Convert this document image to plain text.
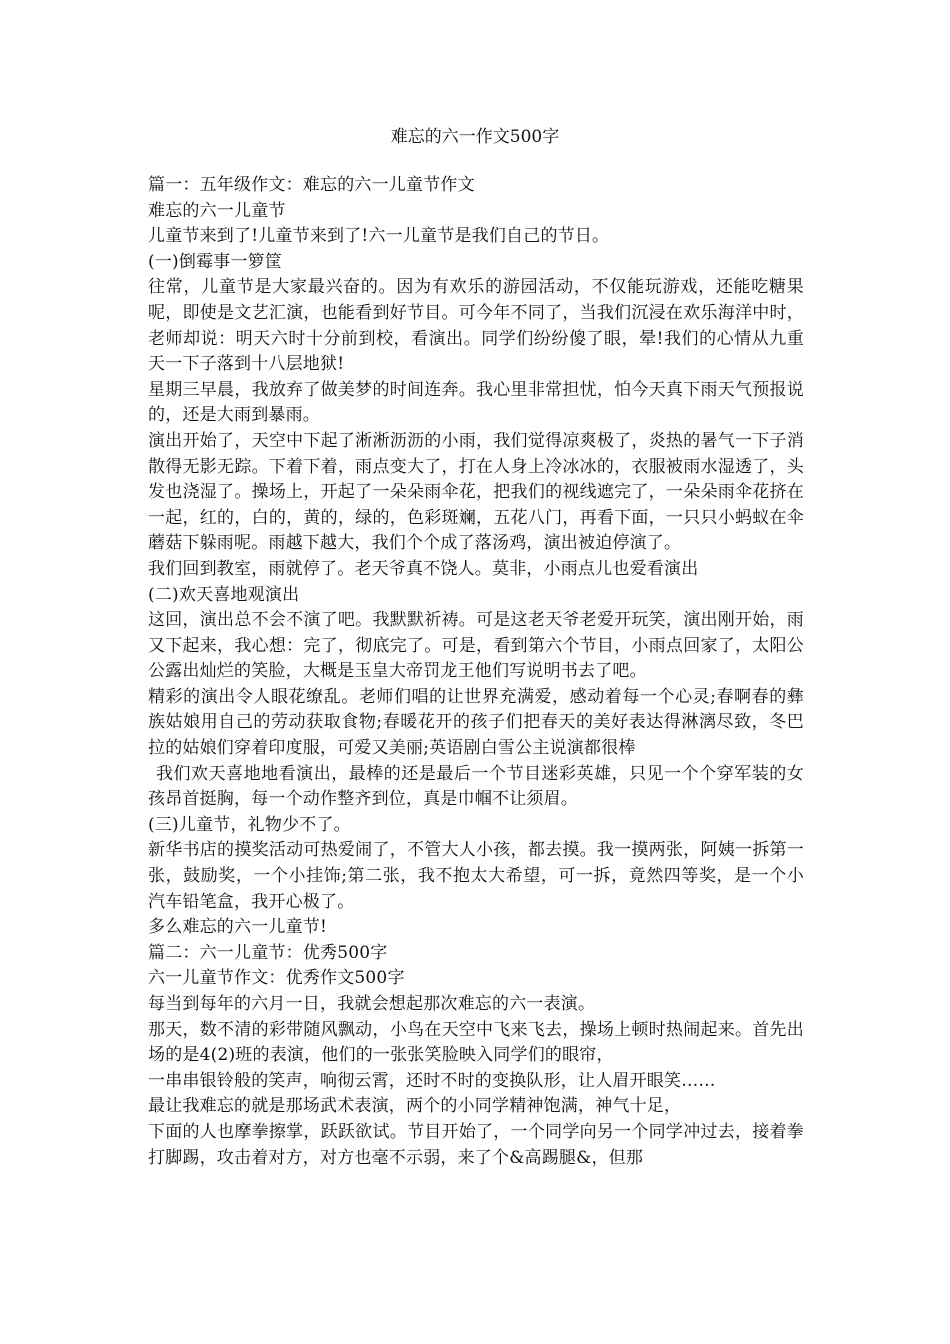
难忘的六一作文500字

篇一：五年级作文：难忘的六一儿童节作文

难忘的六一儿童节

儿童节来到了!儿童节来到了!六一儿童节是我们自己的节日。

(一)倒霉事一箩筐

往常，儿童节是大家最兴奋的。因为有欢乐的游园活动，不仅能玩游戏，还能吃糖果呢，即使是文艺汇演，也能看到好节目。可今年不同了，当我们沉浸在欢乐海洋中时，老师却说：明天六时十分前到校，看演出。同学们纷纷傻了眼，晕!我们的心情从九重天一下子落到十八层地狱!

星期三早晨，我放弃了做美梦的时间连奔。我心里非常担忧，怕今天真下雨天气预报说的，还是大雨到暴雨。

演出开始了，天空中下起了淅淅沥沥的小雨，我们觉得凉爽极了，炎热的暑气一下子消散得无影无踪。下着下着，雨点变大了，打在人身上冷冰冰的，衣服被雨水湿透了，头发也浇湿了。操场上，开起了一朵朵雨伞花，把我们的视线遮完了，一朵朵雨伞花挤在一起，红的，白的，黄的，绿的，色彩斑斓，五花八门，再看下面，一只只小蚂蚁在伞蘑菇下躲雨呢。雨越下越大，我们个个成了落汤鸡，演出被迫停演了。

我们回到教室，雨就停了。老天爷真不饶人。莫非，小雨点儿也爱看演出

(二)欢天喜地观演出

这回，演出总不会不演了吧。我默默祈祷。可是这老天爷老爱开玩笑，演出刚开始，雨又下起来，我心想：完了，彻底完了。可是，看到第六个节目，小雨点回家了，太阳公公露出灿烂的笑脸，大概是玉皇大帝罚龙王他们写说明书去了吧。

精彩的演出令人眼花缭乱。老师们唱的让世界充满爱，感动着每一个心灵;春啊春的彝族姑娘用自己的劳动获取食物;春暖花开的孩子们把春天的美好表达得淋漓尽致，冬巴拉的姑娘们穿着印度服，可爱又美丽;英语剧白雪公主说演都很棒

我们欢天喜地地看演出，最棒的还是最后一个节目迷彩英雄，只见一个个穿军装的女孩昂首挺胸，每一个动作整齐到位，真是巾帼不让须眉。

(三)儿童节，礼物少不了。

新华书店的摸奖活动可热爱闹了，不管大人小孩，都去摸。我一摸两张，阿姨一拆第一张，鼓励奖，一个小挂饰;第二张，我不抱太大希望，可一拆，竟然四等奖，是一个小汽车铅笔盒，我开心极了。

多么难忘的六一儿童节!

篇二：六一儿童节：优秀500字

六一儿童节作文：优秀作文500字

每当到每年的六月一日，我就会想起那次难忘的六一表演。

那天，数不清的彩带随风飘动，小鸟在天空中飞来飞去，操场上顿时热闹起来。首先出场的是4(2)班的表演，他们的一张张笑脸映入同学们的眼帘，

一串串银铃般的笑声，响彻云霄，还时不时的变换队形，让人眉开眼笑……

最让我难忘的就是那场武术表演，两个的小同学精神饱满，神气十足，

下面的人也摩拳擦掌，跃跃欲试。节目开始了，一个同学向另一个同学冲过去，接着拳打脚踢，攻击着对方，对方也毫不示弱，来了个&高踢腿&，但那
